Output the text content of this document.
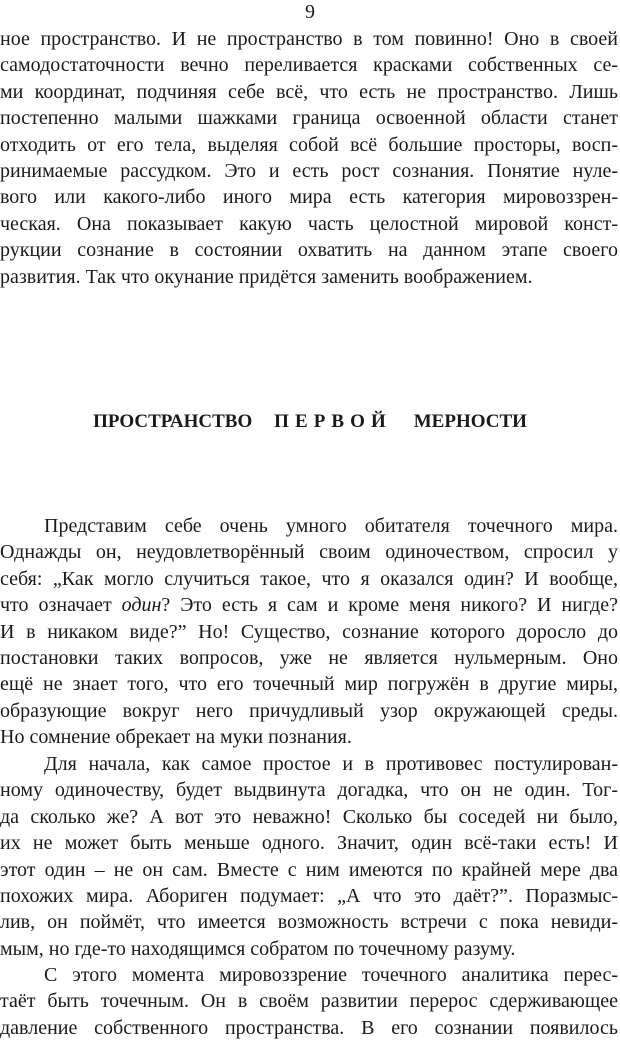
9
ное пространство. И не пространство в том повинно! Оно в своей
самодостаточности вечно переливается красками собственных се-
ми координат, подчиняя себе всё, что есть не пространство. Лишь
постепенно малыми шажками граница освоенной области станет
отходить от его тела, выделяя собой всё большие просторы, восп-
ринимаемые рассудком. Это и есть рост сознания. Понятие нуле-
вого или какого-либо иного мира есть категория мировоззрен-
ческая. Она показывает какую часть целостной мировой конст-
рукции сознание в состоянии охватить на данном этапе своего
развития. Так что окунание придётся заменить воображением.
ПРОСТРАНСТВО ПЕРВОЙ МЕРНОСТИ
Представим себе очень умного обитателя точечного мира.
Однажды он, неудовлетворённый своим одиночеством, спросил у
себя: „Как могло случиться такое, что я оказался один? И вообще,
что означает один? Это есть я сам и кроме меня никого? И нигде?
И в никаком виде?” Но! Существо, сознание которого доросло до
постановки таких вопросов, уже не является нульмерным. Оно
ещё не знает того, что его точечный мир погружён в другие миры,
образующие вокруг него причудливый узор окружающей среды.
Но сомнение обрекает на муки познания.
Для начала, как самое простое и в противовес постулирован-
ному одиночеству, будет выдвинута догадка, что он не один. Тог-
да сколько же? А вот это неважно! Сколько бы соседей ни было,
их не может быть меньше одного. Значит, один всё-таки есть! И
этот один – не он сам. Вместе с ним имеются по крайней мере два
похожих мира. Абориген подумает: „А что это даёт?”. Поразмыс-
лив, он поймёт, что имеется возможность встречи с пока невиди-
мым, но где-то находящимся собратом по точечному разуму.
С этого момента мировоззрение точечного аналитика перес-
таёт быть точечным. Он в своём развитии перерос сдерживающее
давление собственного пространства. В его сознании появилось
